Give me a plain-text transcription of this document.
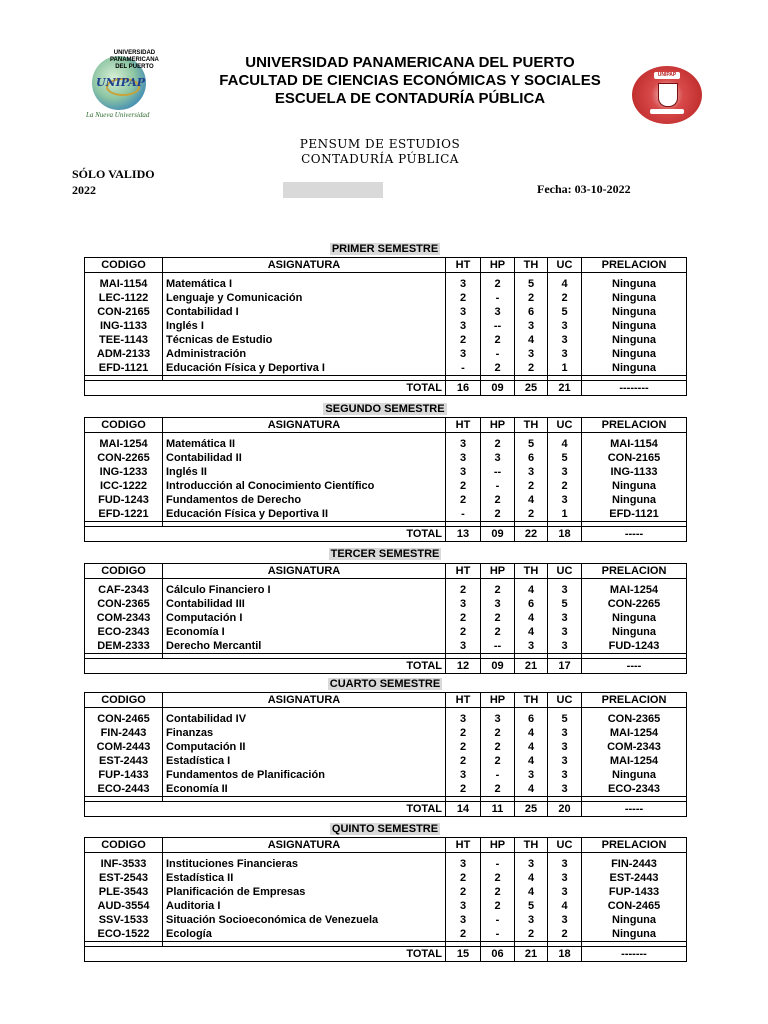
UNIVERSIDAD
PANAMERICANA
DEL PUERTO
UNIPAP
La Nueva Universidad
UNIPAP
UNIVERSIDAD PANAMERICANA DEL PUERTO
FACULTAD DE CIENCIAS ECONÓMICAS Y SOCIALES
ESCUELA DE CONTADURÍA PÚBLICA
PENSUM DE ESTUDIOS
CONTADURÍA PÚBLICA
SÓLO VALIDO
2022	Fecha: 03-10-2022
PRIMER SEMESTRE
CODIGO	ASIGNATURA	HT	HP	TH	UC	PRELACION

MAI-1154	Matemática I	3	2	5	4	Ninguna
LEC-1122	Lenguaje y Comunicación	2	-	2	2	Ninguna
CON-2165	Contabilidad I	3	3	6	5	Ninguna
ING-1133	Inglés I	3	--	3	3	Ninguna
TEE-1143	Técnicas de Estudio	2	2	4	3	Ninguna
ADM-2133	Administración	3	-	3	3	Ninguna
EFD-1121	Educación Física y Deportiva I	-	2	2	1	Ninguna

TOTAL		16	09	25	21	--------
SEGUNDO SEMESTRE
CODIGO	ASIGNATURA	HT	HP	TH	UC	PRELACION

MAI-1254	Matemática II	3	2	5	4	MAI-1154
CON-2265	Contabilidad II	3	3	6	5	CON-2165
ING-1233	Inglés II	3	--	3	3	ING-1133
ICC-1222	Introducción al Conocimiento Científico	2	-	2	2	Ninguna
FUD-1243	Fundamentos de Derecho	2	2	4	3	Ninguna
EFD-1221	Educación Física y Deportiva II	-	2	2	1	EFD-1121

TOTAL		13	09	22	18	-----
TERCER SEMESTRE
CODIGO	ASIGNATURA	HT	HP	TH	UC	PRELACION

CAF-2343	Cálculo Financiero I	2	2	4	3	MAI-1254
CON-2365	Contabilidad III	3	3	6	5	CON-2265
COM-2343	Computación I	2	2	4	3	Ninguna
ECO-2343	Economía I	2	2	4	3	Ninguna
DEM-2333	Derecho Mercantil	3	--	3	3	FUD-1243

TOTAL		12	09	21	17	----
CUARTO SEMESTRE
CODIGO	ASIGNATURA	HT	HP	TH	UC	PRELACION

CON-2465	Contabilidad IV	3	3	6	5	CON-2365
FIN-2443	Finanzas	2	2	4	3	MAI-1254
COM-2443	Computación II	2	2	4	3	COM-2343
EST-2443	Estadística I	2	2	4	3	MAI-1254
FUP-1433	Fundamentos de Planificación	3	-	3	3	Ninguna
ECO-2443	Economía II	2	2	4	3	ECO-2343

TOTAL		14	11	25	20	-----
QUINTO SEMESTRE
CODIGO	ASIGNATURA	HT	HP	TH	UC	PRELACION

INF-3533	Instituciones Financieras	3	-	3	3	FIN-2443
EST-2543	Estadística II	2	2	4	3	EST-2443
PLE-3543	Planificación de Empresas	2	2	4	3	FUP-1433
AUD-3554	Auditoria I	3	2	5	4	CON-2465
SSV-1533	Situación Socioeconómica de Venezuela	3	-	3	3	Ninguna
ECO-1522	Ecología	2	-	2	2	Ninguna

TOTAL		15	06	21	18	-------
